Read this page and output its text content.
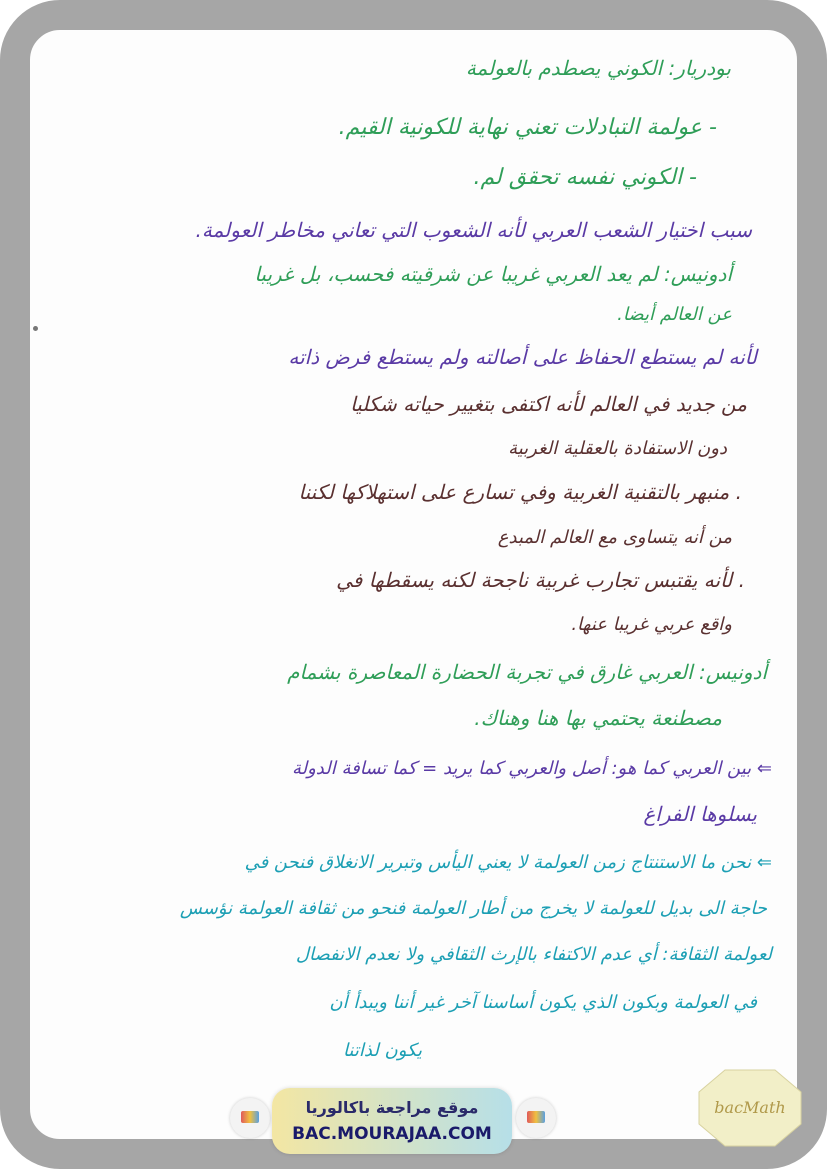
بودريار: الكوني يصطدم بالعولمة
- عولمة التبادلات تعني نهاية للكونية القيم.
- الكوني نفسه تحقق لم.
سبب اختيار الشعب العربي لأنه الشعوب التي تعاني مخاطر العولمة.
أدونيس: لم يعد العربي غريبا عن شرقيته فحسب، بل غريبا
عن العالم أيضا.
لأنه لم يستطع الحفاظ على أصالته ولم يستطع فرض ذاته
من جديد في العالم لأنه اكتفى بتغيير حياته شكليا
دون الاستفادة بالعقلية الغربية
. منبهر بالتقنية الغربية وفي تسارع على استهلاكها لكننا
من أنه يتساوى مع العالم المبدع
. لأنه يقتبس تجارب غربية ناجحة لكنه يسقطها في
واقع عربي غريبا عنها.
أدونيس: العربي غارق في تجربة الحضارة المعاصرة بشمام
مصطنعة يحتمي بها هنا وهناك.
⇐ بين العربي كما هو: أصل والعربي كما يريد = كما تسافة الدولة
يسلوها الفراغ
⇐ نحن ما الاستنتاج زمن العولمة لا يعني اليأس وتبرير الانغلاق فنحن في
حاجة الى بديل للعولمة لا يخرج من أطار العولمة فنحو من ثقافة العولمة نؤسس
لعولمة الثقافة: أي عدم الاكتفاء بالإرث الثقافي ولا نعدم الانفصال
في العولمة وبكون الذي يكون أساسنا آخر غير أننا ويبدأ أن
يكون لذاتنا
موقع مراجعة باكالوريا
BAC.MOURAJAA.COM
bacMath
